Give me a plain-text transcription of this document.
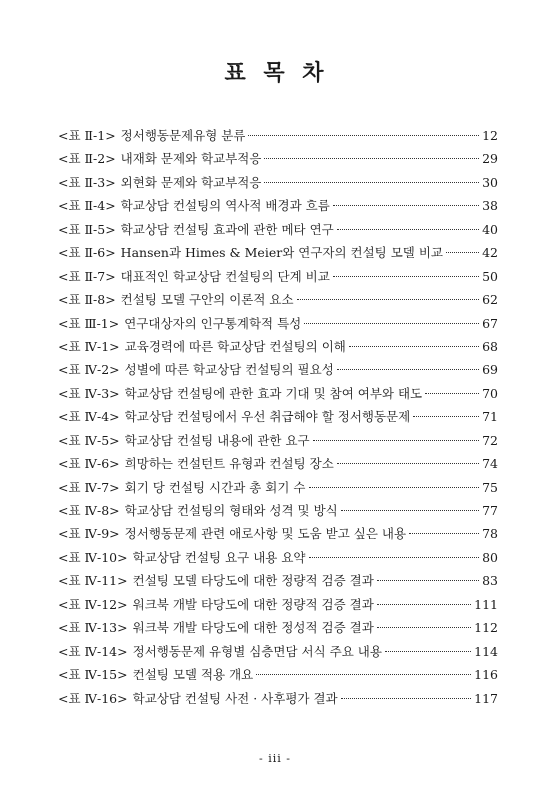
표 목 차
<표 Ⅱ-1> 정서행동문제유형 분류	12
<표 Ⅱ-2> 내재화 문제와 학교부적응	29
<표 Ⅱ-3> 외현화 문제와 학교부적응	30
<표 Ⅱ-4> 학교상담 컨설팅의 역사적 배경과 흐름	38
<표 Ⅱ-5> 학교상담 컨설팅 효과에 관한 메타 연구	40
<표 Ⅱ-6> Hansen과 Himes & Meier와 연구자의 컨설팅 모델 비교	42
<표 Ⅱ-7> 대표적인 학교상담 컨설팅의 단계 비교	50
<표 Ⅱ-8> 컨설팅 모델 구안의 이론적 요소	62
<표 Ⅲ-1> 연구대상자의 인구통계학적 특성	67
<표 Ⅳ-1> 교육경력에 따른 학교상담 컨설팅의 이해	68
<표 Ⅳ-2> 성별에 따른 학교상담 컨설팅의 필요성	69
<표 Ⅳ-3> 학교상담 컨설팅에 관한 효과 기대 및 참여 여부와 태도	70
<표 Ⅳ-4> 학교상담 컨설팅에서 우선 취급해야 할 정서행동문제	71
<표 Ⅳ-5> 학교상담 컨설팅 내용에 관한 요구	72
<표 Ⅳ-6> 희망하는 컨설턴트 유형과 컨설팅 장소	74
<표 Ⅳ-7> 회기 당 컨설팅 시간과 총 회기 수	75
<표 Ⅳ-8> 학교상담 컨설팅의 형태와 성격 및 방식	77
<표 Ⅳ-9> 정서행동문제 관련 애로사항 및 도움 받고 싶은 내용	78
<표 Ⅳ-10> 학교상담 컨설팅 요구 내용 요약	80
<표 Ⅳ-11> 컨설팅 모델 타당도에 대한 정량적 검증 결과	83
<표 Ⅳ-12> 워크북 개발 타당도에 대한 정량적 검증 결과	111
<표 Ⅳ-13> 워크북 개발 타당도에 대한 정성적 검증 결과	112
<표 Ⅳ-14> 정서행동문제 유형별 심층면담 서식 주요 내용	114
<표 Ⅳ-15> 컨설팅 모델 적용 개요	116
<표 Ⅳ-16> 학교상담 컨설팅 사전 · 사후평가 결과	117
- iii -
